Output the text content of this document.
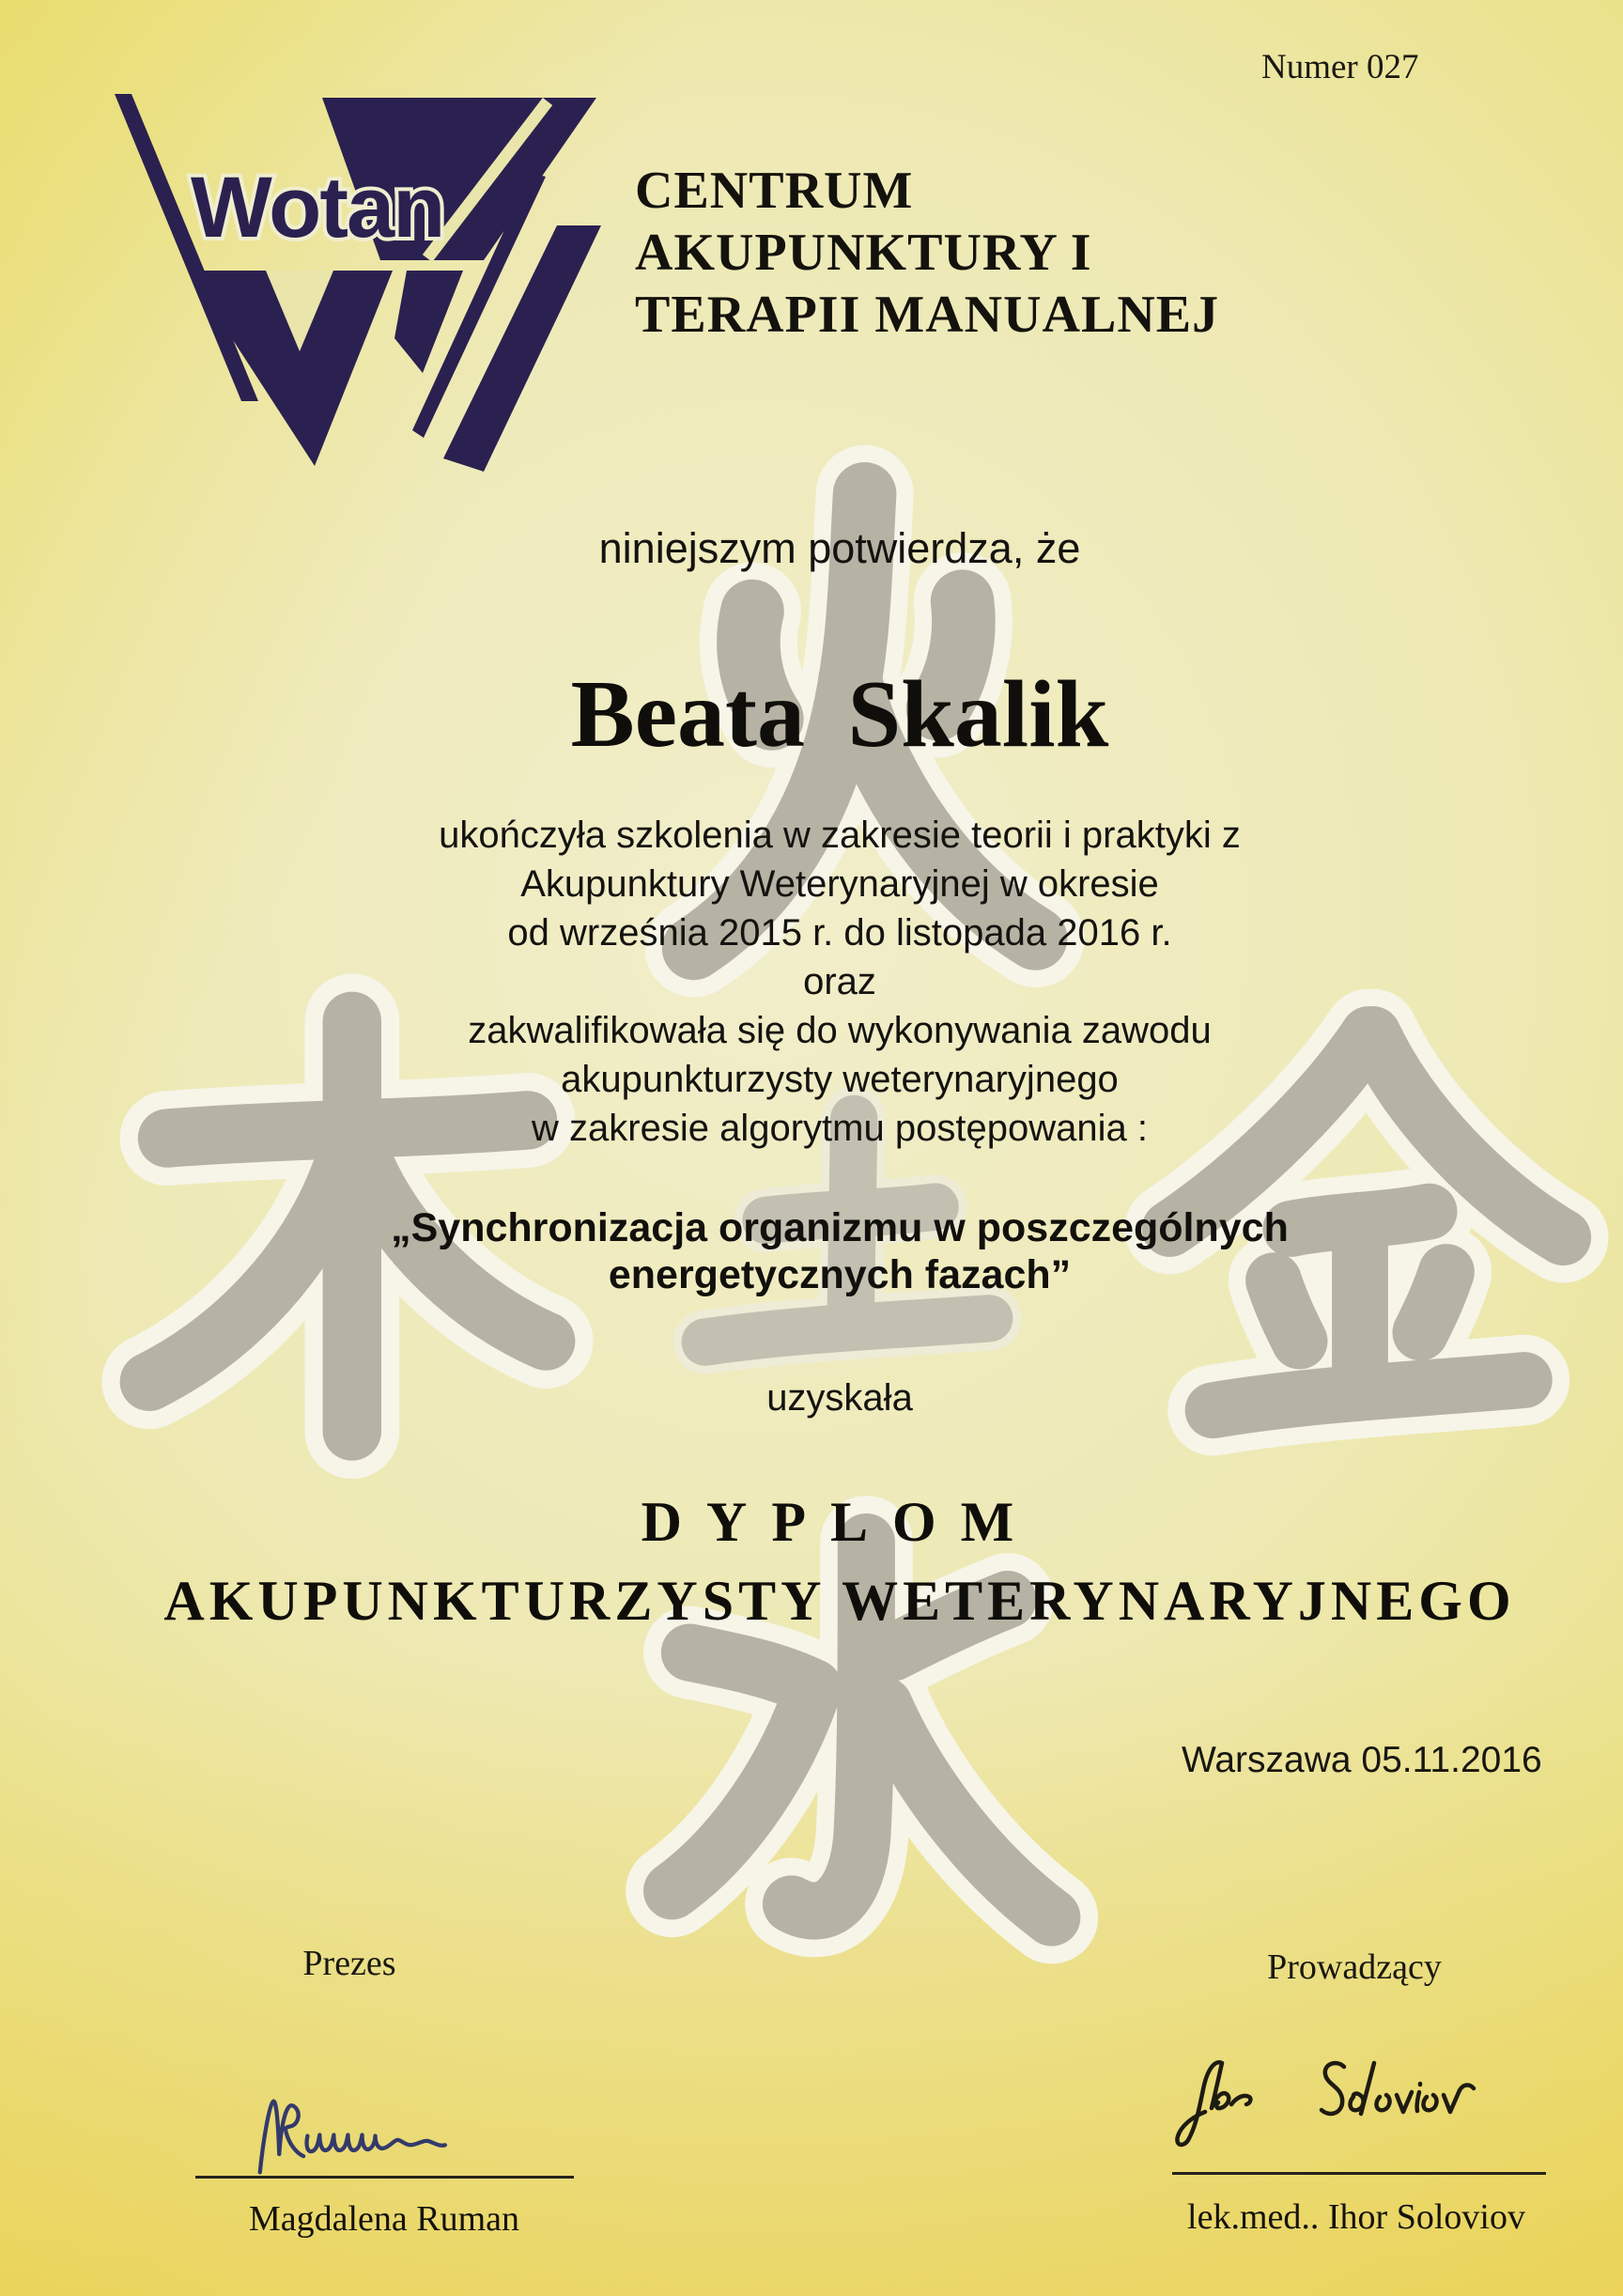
Wotan
Numer 027
CENTRUM
AKUPUNKTURY I
TERAPII MANUALNEJ
niniejszym potwierdza, że
Beata Skalik
ukończyła szkolenia w zakresie teorii i praktyki z
Akupunktury Weterynaryjnej w okresie
od września 2015 r. do listopada 2016 r.
oraz
zakwalifikowała się do wykonywania zawodu
akupunkturzysty weterynaryjnego
w zakresie algorytmu postępowania :
„Synchronizacja organizmu w poszczególnych
energetycznych fazach”
uzyskała
DYPLOM
AKUPUNKTURZYSTY WETERYNARYJNEGO
Warszawa 05.11.2016
Prezes
Magdalena Ruman
Prowadzący
lek.med.. Ihor Soloviov
